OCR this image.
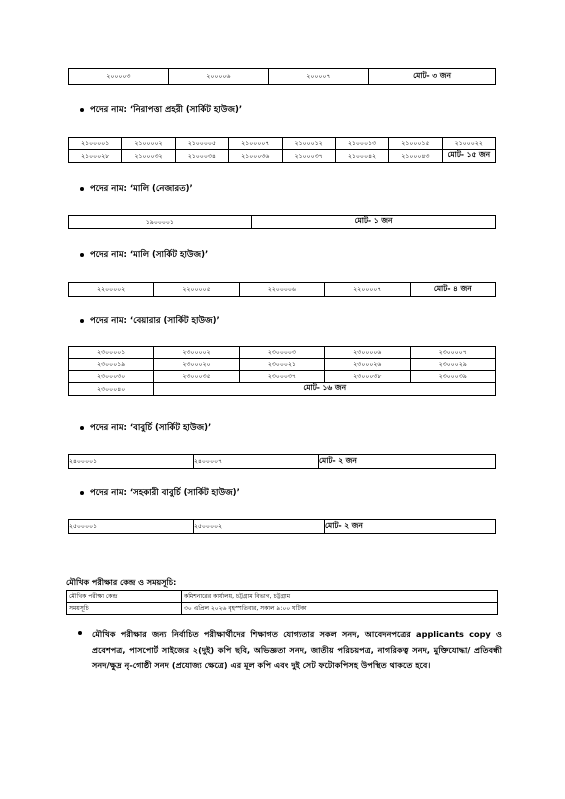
২০০০০৩	২০০০০৬	২০০০০৭	মোট- ৩ জন
পদের নাম: ‘নিরাপত্তা প্রহরী (সার্কিট হাউজ)’
২১০০০০১	২১০০০০২	২১০০০০৫	২১০০০০৭	২১০০০১২	২১০০০১৩	২১০০০১৫	২১০০০২২
২১০০০২৮	২১০০০৩২	২১০০০৩৪	২১০০০৩৬	২১০০০৩৭	২১০০০৪২	২১০০০৪৩	মোট- ১৫ জন
পদের নাম: ‘মালি (নেজারত)’
১৯০০০০১	মোট- ১ জন
পদের নাম: ‘মালি (সার্কিট হাউজ)’
২২০০০০২	২২০০০০৫	২২০০০০৬	২২০০০০৭	মোট- ৪ জন
পদের নাম: ‘বেয়ারার (সার্কিট হাউজ)’
২৩০০০০১	২৩০০০০২	২৩০০০০৩	২৩০০০০৬	২৩০০০০৭
২৩০০০১৯	২৩০০০২০	২৩০০০২১	২৩০০০২৬	২৩০০০২৯
২৩০০০৩০	২৩০০০৩৫	২৩০০০৩৭	২৩০০০৩৮	২৩০০০৩৯
২৩০০০৪০	মোট- ১৬ জন			
পদের নাম: ‘বাবুর্চি (সার্কিট হাউজ)’
২৪০০০০১	২৪০০০০৭	মোট- ২ জন
পদের নাম: ‘সহকারী বাবুর্চি (সার্কিট হাউজ)’
২৫০০০০১	২৫০০০০২	মোট- ২ জন
মৌখিক পরীক্ষার কেন্দ্র ও সময়সূচি:
মৌখিক পরীক্ষা কেন্দ্র	কমিশনারের কার্যালয়, চট্টগ্রাম বিভাগ, চট্টগ্রাম
সময়সূচি	৩০ এপ্রিল ২০২৬ বৃহস্পতিবার, সকাল ৯:০০ ঘটিকা
মৌখিক পরীক্ষার জন্য নির্বাচিত পরীক্ষার্থীদের শিক্ষাগত যোগ্যতার সকল সনদ, আবেদনপত্রের applicants copy ও প্রবেশপত্র, পাসপোর্ট সাইজের ২(দুই) কপি ছবি, অভিজ্ঞতা সনদ, জাতীয় পরিচয়পত্র, নাগরিকত্ব সনদ, মুক্তিযোদ্ধা/ প্রতিবন্ধী সনদ/ক্ষুদ্র নৃ-গোষ্ঠী সনদ (প্রযোজ্য ক্ষেত্রে) এর মূল কপি এবং দুই সেট ফটোকপিসহ উপস্থিত থাকতে হবে।
